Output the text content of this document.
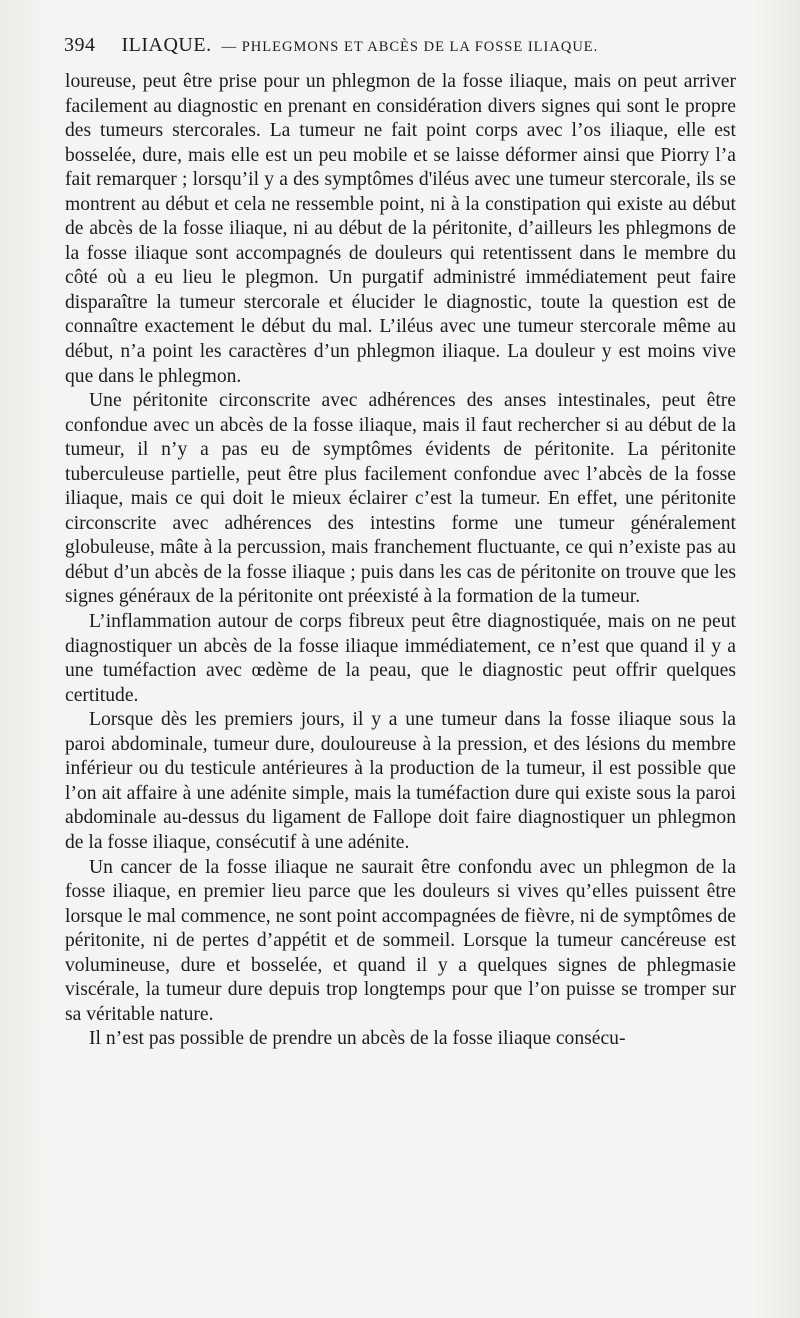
394 ILIAQUE. — PHLEGMONS ET ABCÈS DE LA FOSSE ILIAQUE.

loureuse, peut être prise pour un phlegmon de la fosse iliaque, mais on peut arriver facilement au diagnostic en prenant en considération divers signes qui sont le propre des tumeurs stercorales. La tumeur ne fait point corps avec l’os iliaque, elle est bosselée, dure, mais elle est un peu mobile et se laisse déformer ainsi que Piorry l’a fait remarquer ; lorsqu’il y a des symptômes d'iléus avec une tumeur stercorale, ils se montrent au début et cela ne ressemble point, ni à la constipation qui existe au début de abcès de la fosse iliaque, ni au début de la péritonite, d’ailleurs les phlegmons de la fosse iliaque sont accompagnés de douleurs qui retentissent dans le membre du côté où a eu lieu le plegmon. Un purgatif administré immédiatement peut faire disparaître la tumeur stercorale et élucider le diagnostic, toute la question est de connaître exactement le début du mal. L’iléus avec une tumeur stercorale même au début, n’a point les caractères d’un phlegmon iliaque. La douleur y est moins vive que dans le phlegmon.

Une péritonite circonscrite avec adhérences des anses intestinales, peut être confondue avec un abcès de la fosse iliaque, mais il faut rechercher si au début de la tumeur, il n’y a pas eu de symptômes évidents de péritonite. La péritonite tuberculeuse partielle, peut être plus facilement confondue avec l’abcès de la fosse iliaque, mais ce qui doit le mieux éclairer c’est la tumeur. En effet, une péritonite circonscrite avec adhérences des intestins forme une tumeur généralement globuleuse, mâte à la percussion, mais franchement fluctuante, ce qui n’existe pas au début d’un abcès de la fosse iliaque ; puis dans les cas de péritonite on trouve que les signes généraux de la péritonite ont préexisté à la formation de la tumeur.

L’inflammation autour de corps fibreux peut être diagnostiquée, mais on ne peut diagnostiquer un abcès de la fosse iliaque immédiatement, ce n’est que quand il y a une tuméfaction avec œdème de la peau, que le diagnostic peut offrir quelques certitude.

Lorsque dès les premiers jours, il y a une tumeur dans la fosse iliaque sous la paroi abdominale, tumeur dure, douloureuse à la pression, et des lésions du membre inférieur ou du testicule antérieures à la production de la tumeur, il est possible que l’on ait affaire à une adénite simple, mais la tuméfaction dure qui existe sous la paroi abdominale au-dessus du ligament de Fallope doit faire diagnostiquer un phlegmon de la fosse iliaque, consécutif à une adénite.

Un cancer de la fosse iliaque ne saurait être confondu avec un phlegmon de la fosse iliaque, en premier lieu parce que les douleurs si vives qu’elles puissent être lorsque le mal commence, ne sont point accompagnées de fièvre, ni de symptômes de péritonite, ni de pertes d’appétit et de sommeil. Lorsque la tumeur cancéreuse est volumineuse, dure et bosselée, et quand il y a quelques signes de phlegmasie viscérale, la tumeur dure depuis trop longtemps pour que l’on puisse se tromper sur sa véritable nature.

Il n’est pas possible de prendre un abcès de la fosse iliaque consécu-
